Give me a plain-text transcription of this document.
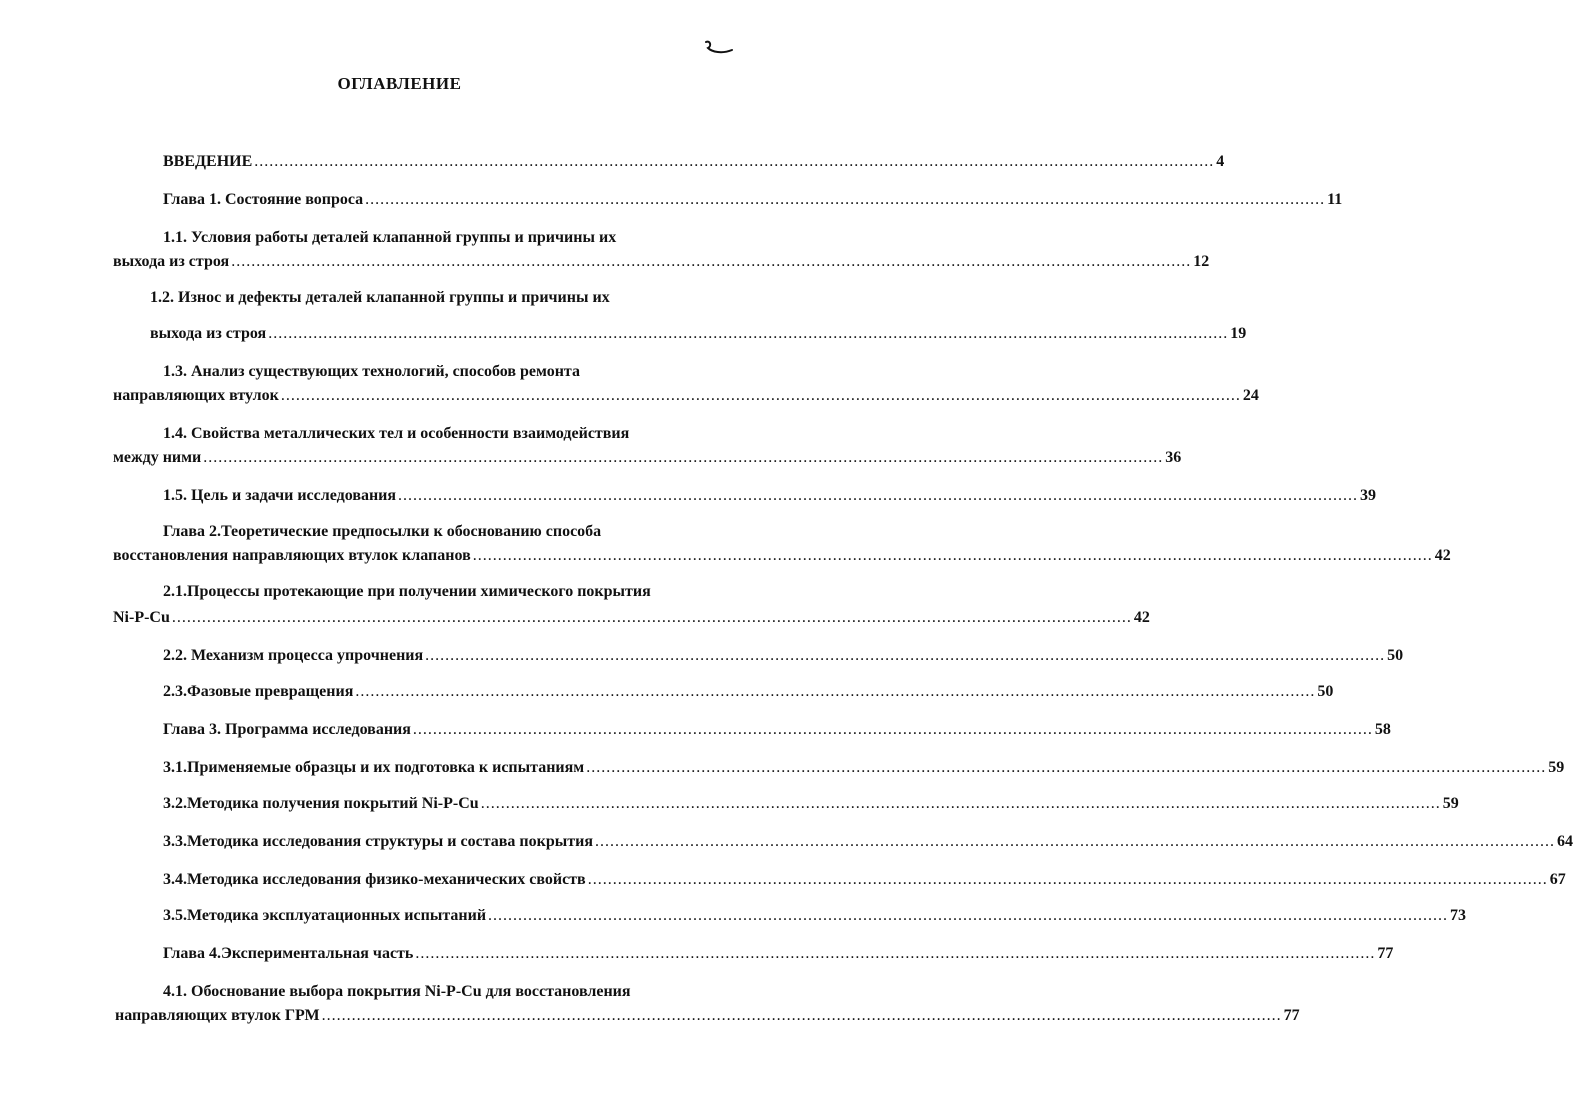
ОГЛАВЛЕНИЕ
ВВЕДЕНИЕ ................................................................................................................................................................................................ 4
Глава 1. Состояние вопроса ................................................................................................................................................................................................ 11
1.1. Условия работы деталей клапанной группы и причины их
выхода из строя ................................................................................................................................................................................................ 12
1.2. Износ и дефекты деталей клапанной группы и причины их
выхода из строя ................................................................................................................................................................................................ 19
1.3. Анализ существующих технологий, способов ремонта
направляющих втулок ................................................................................................................................................................................................ 24
1.4. Свойства металлических тел и особенности взаимодействия
между ними ................................................................................................................................................................................................ 36
1.5. Цель и задачи исследования ................................................................................................................................................................................................ 39
Глава 2.Теоретические предпосылки к обоснованию способа
восстановления направляющих втулок клапанов ................................................................................................................................................................................................ 42
2.1.Процессы протекающие при получении химического покрытия
Ni-P-Cu ................................................................................................................................................................................................ 42
2.2. Механизм процесса упрочнения ................................................................................................................................................................................................ 50
2.3.Фазовые превращения ................................................................................................................................................................................................ 50
Глава 3. Программа исследования ................................................................................................................................................................................................ 58
3.1.Применяемые образцы и их подготовка к испытаниям ................................................................................................................................................................................................ 59
3.2.Методика получения покрытий Ni-P-Cu ................................................................................................................................................................................................ 59
3.3.Методика исследования структуры и состава покрытия ................................................................................................................................................................................................ 64
3.4.Методика исследования физико-механических свойств ................................................................................................................................................................................................ 67
3.5.Методика эксплуатационных испытаний ................................................................................................................................................................................................ 73
Глава 4.Экспериментальная часть ................................................................................................................................................................................................ 77
4.1. Обоснование выбора покрытия Ni-P-Cu для восстановления
направляющих втулок ГРМ ................................................................................................................................................................................................ 77
